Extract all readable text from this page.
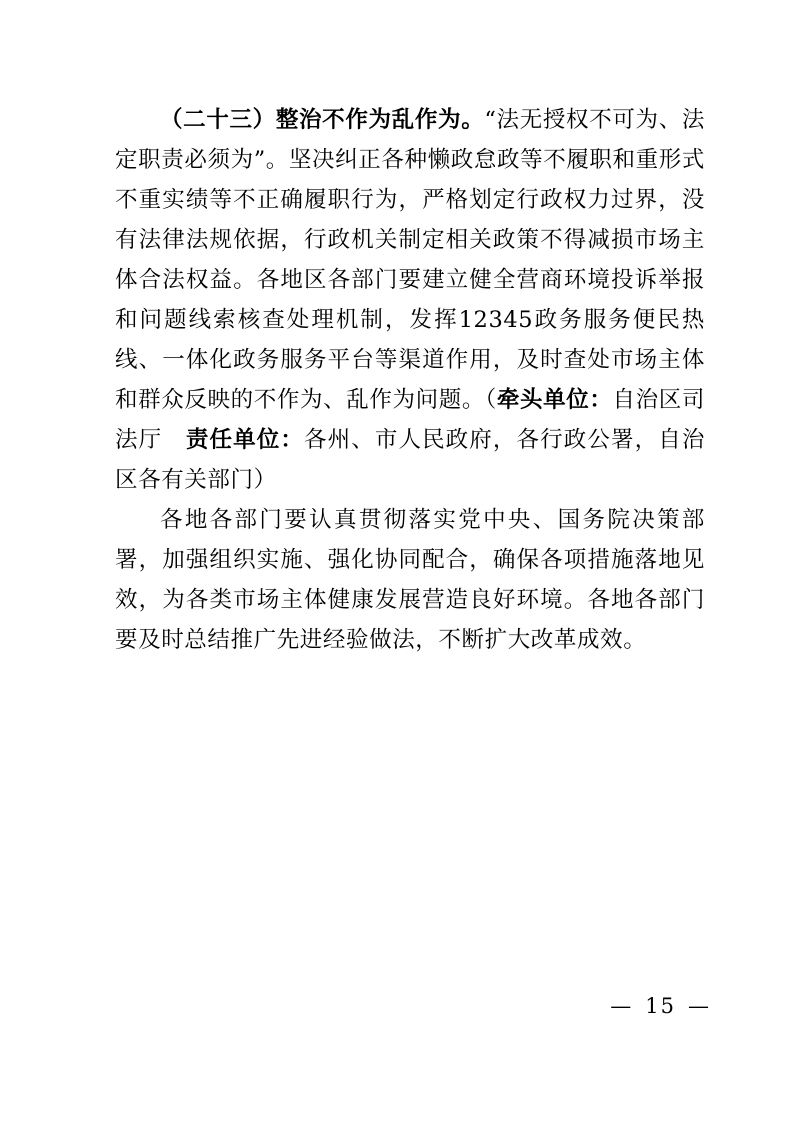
（二十三）整治不作为乱作为。“法无授权不可为、法定职责必须为”。坚决纠正各种懒政怠政等不履职和重形式不重实绩等不正确履职行为，严格划定行政权力过界，没有法律法规依据，行政机关制定相关政策不得减损市场主体合法权益。各地区各部门要建立健全营商环境投诉举报和问题线索核查处理机制，发挥12345政务服务便民热线、一体化政务服务平台等渠道作用，及时查处市场主体和群众反映的不作为、乱作为问题。（牵头单位：自治区司法厅　责任单位：各州、市人民政府，各行政公署，自治区各有关部门）

各地各部门要认真贯彻落实党中央、国务院决策部署，加强组织实施、强化协同配合，确保各项措施落地见效，为各类市场主体健康发展营造良好环境。各地各部门要及时总结推广先进经验做法，不断扩大改革成效。

— 15 —
